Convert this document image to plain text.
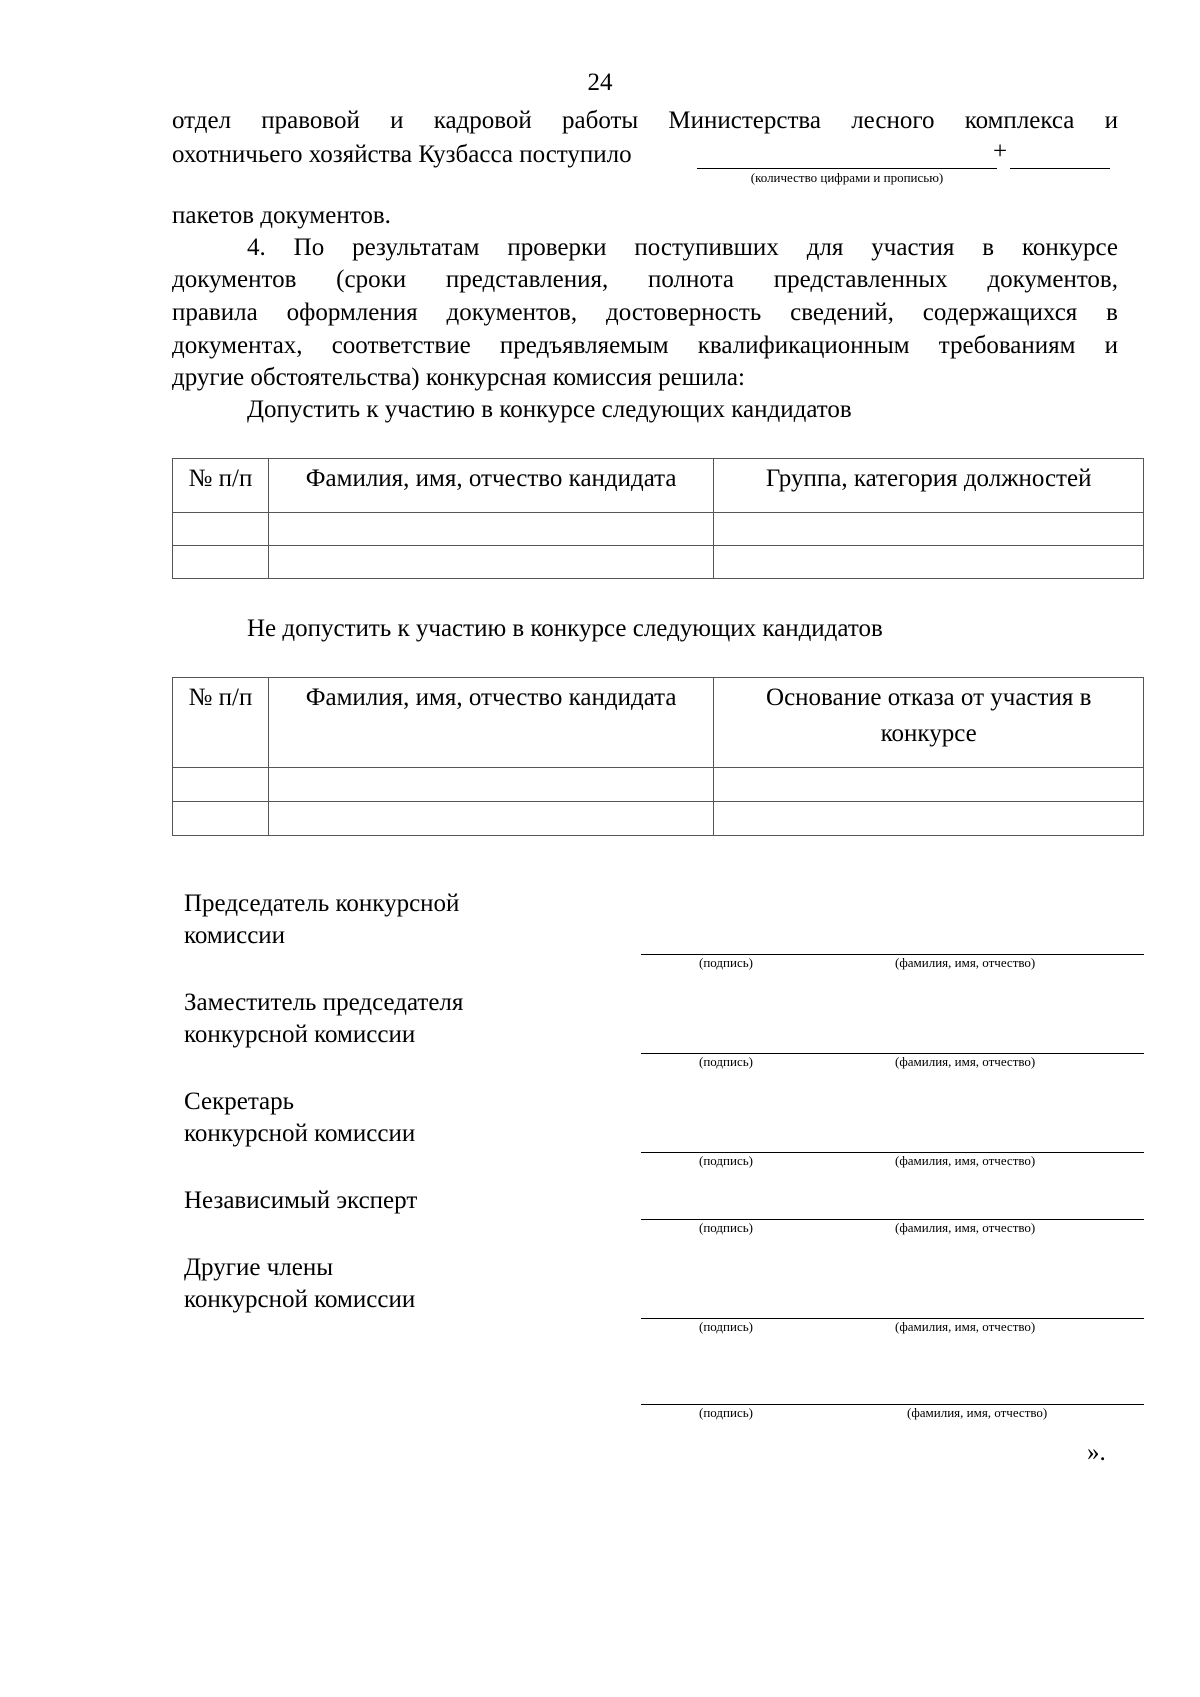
24
отдел правовой и кадровой работы Министерства лесного комплекса и
охотничьего хозяйства Кузбасса поступило	+
(количество цифрами и прописью)
пакетов документов.
4. По результатам проверки поступивших для участия в конкурсе
документов (сроки представления, полнота представленных документов,
правила оформления документов, достоверность сведений, содержащихся в
документах, соответствие предъявляемым квалификационным требованиям и
другие обстоятельства) конкурсная комиссия решила:
Допустить к участию в конкурсе следующих кандидатов
№ п/п	Фамилия, имя, отчество кандидата	Группа, категория должностей

Не допустить к участию в конкурсе следующих кандидатов
№ п/п	Фамилия, имя, отчество кандидата	Основание отказа от участия в конкурсе

Председатель конкурсной
комиссии
(подпись)	(фамилия, имя, отчество)
Заместитель председателя
конкурсной комиссии
(подпись)	(фамилия, имя, отчество)
Секретарь
конкурсной комиссии
(подпись)	(фамилия, имя, отчество)
Независимый эксперт
(подпись)	(фамилия, имя, отчество)
Другие члены
конкурсной комиссии
(подпись)	(фамилия, имя, отчество)
(подпись)	(фамилия, имя, отчество)
».
